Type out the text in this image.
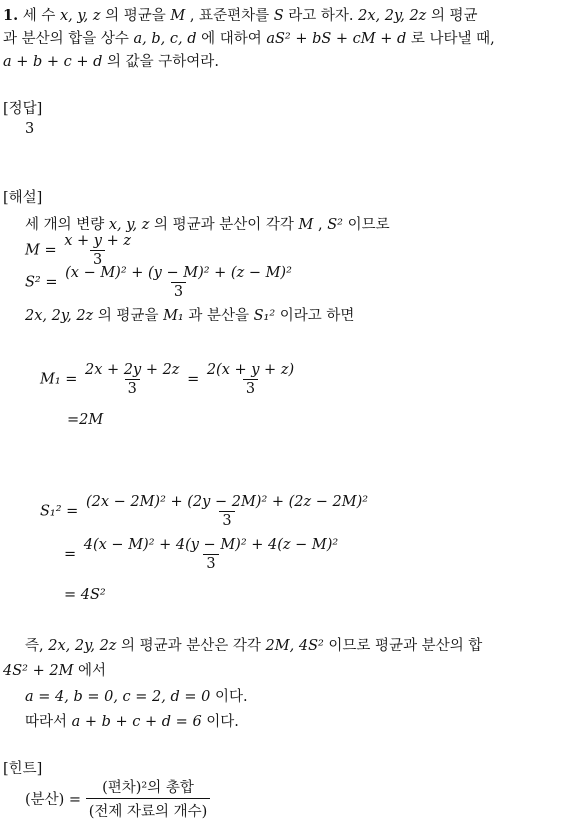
1. 세 수 x, y, z 의 평균을 M , 표준편차를 S 라고 하자. 2x, 2y, 2z 의 평균
과 분산의 합을 상수 a, b, c, d 에 대하여 aS² + bS + cM + d 로 나타낼 때,
a + b + c + d 의 값을 구하여라.
[정답]
3
[해설]
세 개의 변량 x, y, z 의 평균과 분산이 각각 M , S² 이므로
$M = \frac{x + y + z}{3}$
$S^2 = \frac{\text{(x − M)² + (y − M)² + (z − M)²}}{3}$
2x, 2y, 2z 의 평균을 M₁ 과 분산을 S₁² 이라고 하면
$M_1 = \frac{2x + 2y + 2z}{3} = \frac{2(x + y + z)}{3}$
=2M
$S_1^2 = \frac{\text{(2x − 2M)² + (2y − 2M)² + (2z − 2M)²}}{3}$
= $\frac{\text{4(x − M)² + 4(y − M)² + 4(z − M)²}}{3}$
= 4S²
즉, 2x, 2y, 2z 의 평균과 분산은 각각 2M, 4S² 이므로 평균과 분산의 합
4S² + 2M 에서
a = 4, b = 0, c = 2, d = 0 이다.
따라서 a + b + c + d = 6 이다.
[힌트]
(분산) = $\frac{\text{(편차)²의 총합}}{\text{(전제 자료의 개수)}}$
